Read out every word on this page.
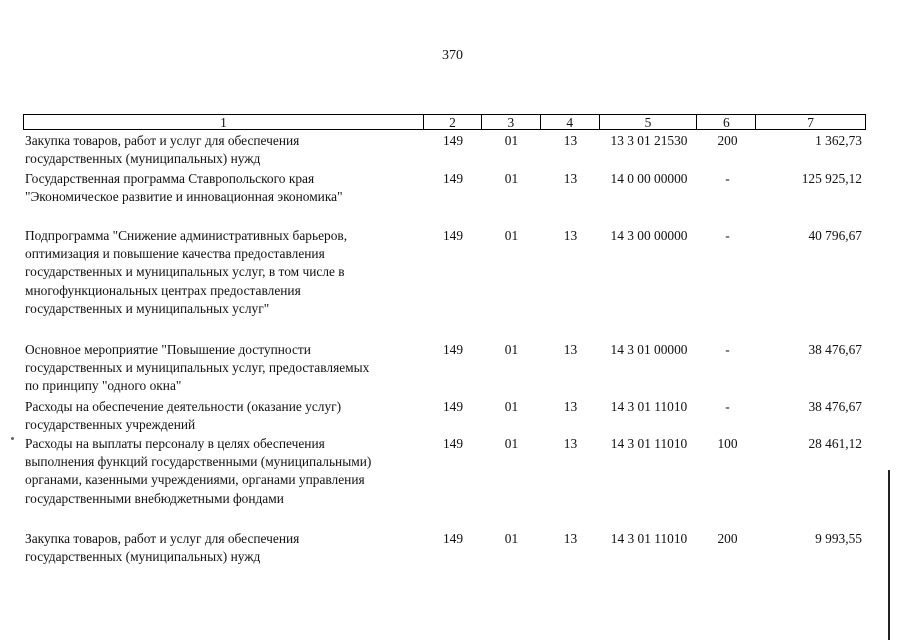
370
1	2	3	4	5	6	7
Закупка товаров, работ и услуг для обеспечения
государственных (муниципальных) нужд
149	01	13	13 3 01 21530	200	1 362,73
Государственная программа Ставропольского края
"Экономическое развитие и инновационная экономика"
149	01	13	14 0 00 00000	-	125 925,12
Подпрограмма "Снижение административных барьеров,
оптимизация и повышение качества предоставления
государственных и муниципальных услуг, в том числе в
многофункциональных центрах предоставления
государственных и муниципальных услуг"
149	01	13	14 3 00 00000	-	40 796,67
Основное мероприятие "Повышение доступности
государственных и муниципальных услуг, предоставляемых
по принципу "одного окна"
149	01	13	14 3 01 00000	-	38 476,67
Расходы на обеспечение деятельности (оказание услуг)
государственных учреждений
149	01	13	14 3 01 11010	-	38 476,67
Расходы на выплаты персоналу в целях обеспечения
выполнения функций государственными (муниципальными)
органами, казенными учреждениями, органами управления
государственными внебюджетными фондами
149	01	13	14 3 01 11010	100	28 461,12
Закупка товаров, работ и услуг для обеспечения
государственных (муниципальных) нужд
149	01	13	14 3 01 11010	200	9 993,55
